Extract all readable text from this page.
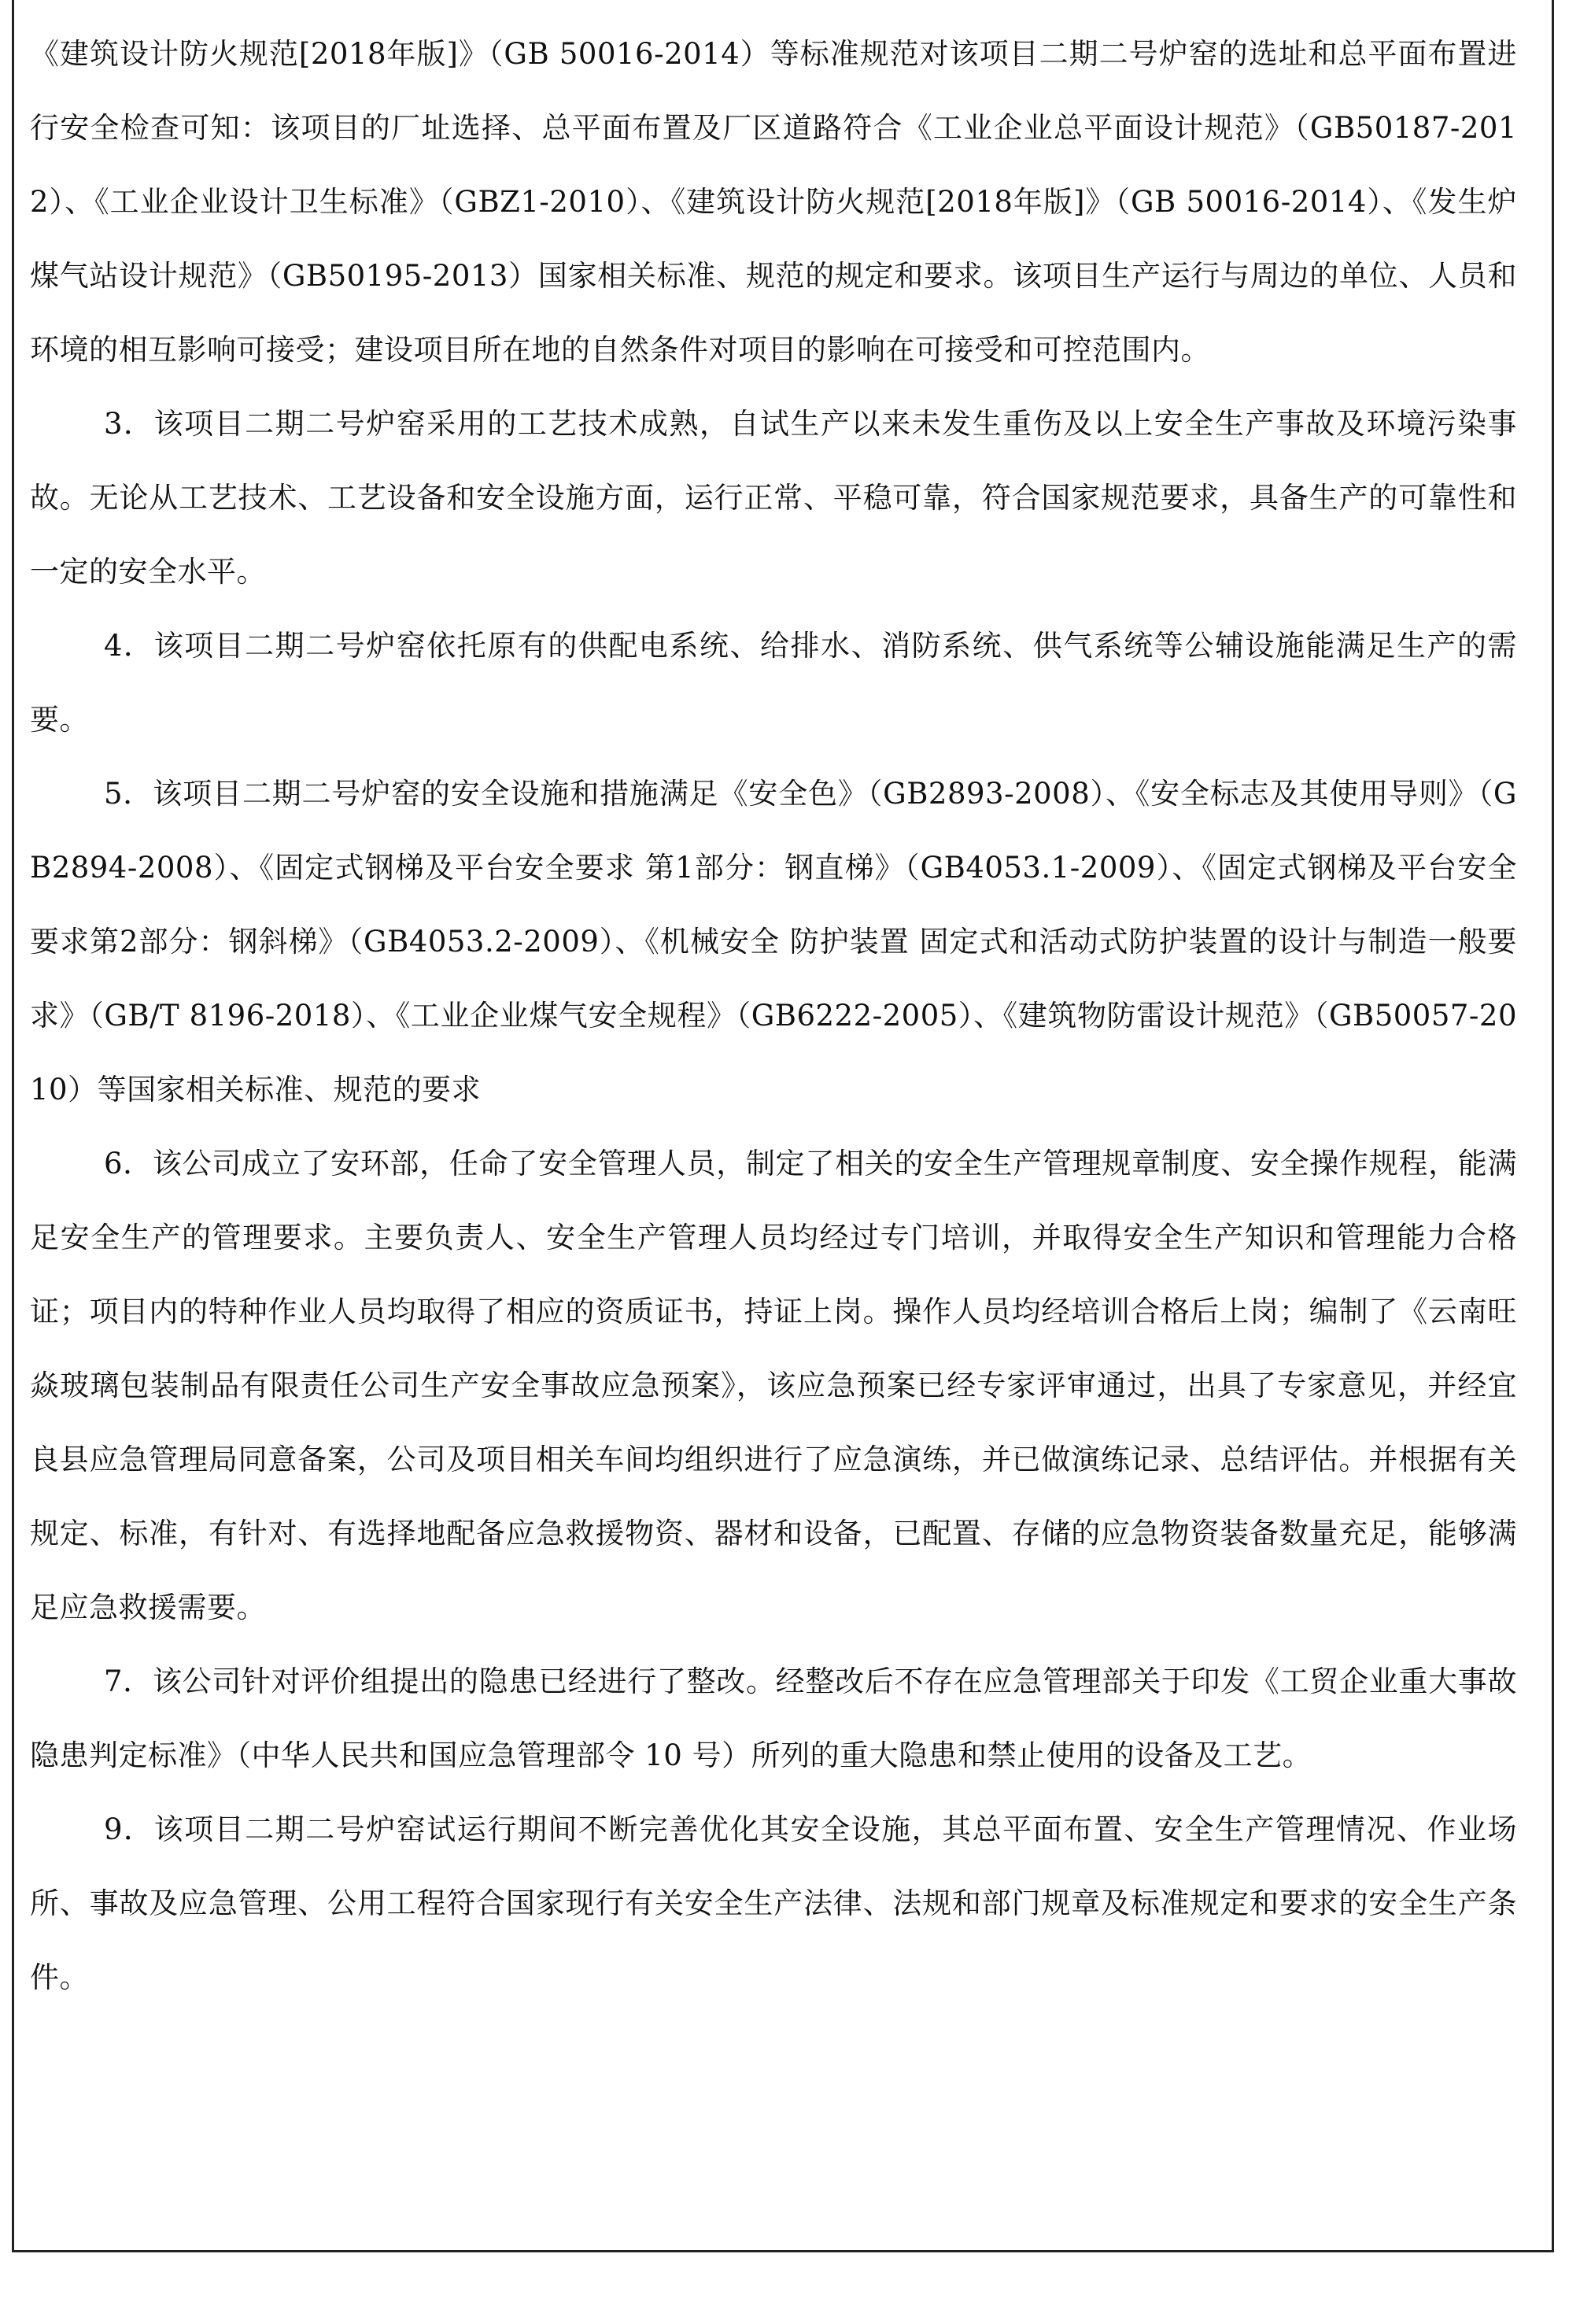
《建筑设计防火规范[2018年版]》（GB 50016-2014）等标准规范对该项目二期二号炉窑的选址和总平面布置进行安全检查可知：该项目的厂址选择、总平面布置及厂区道路符合《工业企业总平面设计规范》（GB50187-2012）、《工业企业设计卫生标准》（GBZ1-2010）、《建筑设计防火规范[2018年版]》（GB 50016-2014）、《发生炉煤气站设计规范》（GB50195-2013）国家相关标准、规范的规定和要求。该项目生产运行与周边的单位、人员和环境的相互影响可接受；建设项目所在地的自然条件对项目的影响在可接受和可控范围内。

3．该项目二期二号炉窑采用的工艺技术成熟，自试生产以来未发生重伤及以上安全生产事故及环境污染事故。无论从工艺技术、工艺设备和安全设施方面，运行正常、平稳可靠，符合国家规范要求，具备生产的可靠性和一定的安全水平。

4．该项目二期二号炉窑依托原有的供配电系统、给排水、消防系统、供气系统等公辅设施能满足生产的需要。

5．该项目二期二号炉窑的安全设施和措施满足《安全色》（GB2893-2008）、《安全标志及其使用导则》（GB2894-2008）、《固定式钢梯及平台安全要求 第1部分：钢直梯》（GB4053.1-2009）、《固定式钢梯及平台安全要求第2部分：钢斜梯》（GB4053.2-2009）、《机械安全 防护装置 固定式和活动式防护装置的设计与制造一般要求》（GB/T 8196-2018）、《工业企业煤气安全规程》（GB6222-2005）、《建筑物防雷设计规范》（GB50057-2010）等国家相关标准、规范的要求

6．该公司成立了安环部，任命了安全管理人员，制定了相关的安全生产管理规章制度、安全操作规程，能满足安全生产的管理要求。主要负责人、安全生产管理人员均经过专门培训，并取得安全生产知识和管理能力合格证；项目内的特种作业人员均取得了相应的资质证书，持证上岗。操作人员均经培训合格后上岗；编制了《云南旺焱玻璃包装制品有限责任公司生产安全事故应急预案》，该应急预案已经专家评审通过，出具了专家意见，并经宜良县应急管理局同意备案，公司及项目相关车间均组织进行了应急演练，并已做演练记录、总结评估。并根据有关规定、标准，有针对、有选择地配备应急救援物资、器材和设备，已配置、存储的应急物资装备数量充足，能够满足应急救援需要。

7．该公司针对评价组提出的隐患已经进行了整改。经整改后不存在应急管理部关于印发《工贸企业重大事故隐患判定标准》（中华人民共和国应急管理部令 10 号）所列的重大隐患和禁止使用的设备及工艺。

9．该项目二期二号炉窑试运行期间不断完善优化其安全设施，其总平面布置、安全生产管理情况、作业场所、事故及应急管理、公用工程符合国家现行有关安全生产法律、法规和部门规章及标准规定和要求的安全生产条件。
